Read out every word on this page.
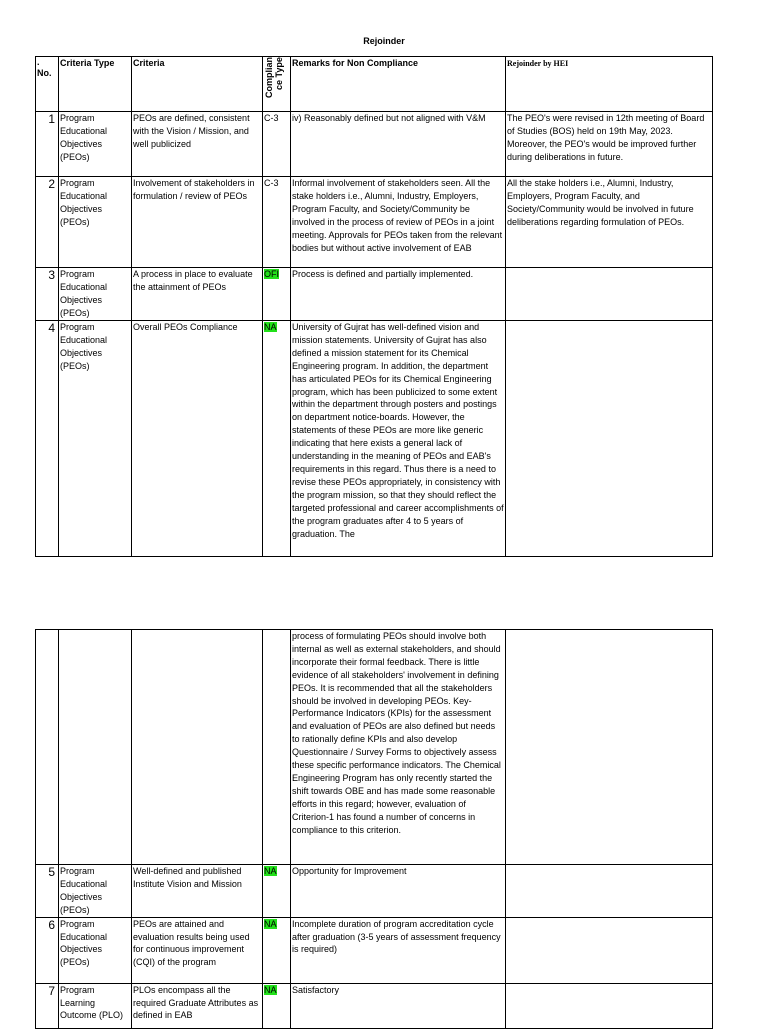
Rejoinder
.
No.	Criteria Type	Criteria	Complian ce Type	Remarks for Non Compliance	Rejoinder by HEI
1	Program Educational Objectives (PEOs)	PEOs are defined, consistent with the Vision / Mission, and well publicized	C-3	iv) Reasonably defined but not aligned with V&M	The PEO's were revised in 12th meeting of Board of Studies (BOS) held on 19th May, 2023. Moreover, the PEO's would be improved further during deliberations in future.
2	Program Educational Objectives (PEOs)	Involvement of stakeholders in formulation / review of PEOs	C-3	Informal involvement of stakeholders seen. All the stake holders i.e., Alumni, Industry, Employers, Program Faculty, and Society/Community be involved in the process of review of PEOs in a joint meeting. Approvals for PEOs taken from the relevant bodies but without active involvement of EAB	All the stake holders i.e., Alumni, Industry, Employers, Program Faculty, and Society/Community would be involved in future deliberations regarding formulation of PEOs.
3	Program Educational Objectives (PEOs)	A process in place to evaluate the attainment of PEOs	OFI	Process is defined and partially implemented.	
4	Program Educational Objectives (PEOs)	Overall PEOs Compliance	NA	University of Gujrat has well-defined vision and mission statements. University of Gujrat has also defined a mission statement for its Chemical Engineering program. In addition, the department has articulated PEOs for its Chemical Engineering program, which has been publicized to some extent within the department through posters and postings on department notice-boards. However, the statements of these PEOs are more like generic indicating that here exists a general lack of understanding in the meaning of PEOs and EAB's requirements in this regard. Thus there is a need to revise these PEOs appropriately, in consistency with the program mission, so that they should reflect the targeted professional and career accomplishments of the program graduates after 4 to 5 years of graduation. The	
				process of formulating PEOs should involve both internal as well as external stakeholders, and should incorporate their formal feedback. There is little evidence of all stakeholders' involvement in defining PEOs. It is recommended that all the stakeholders should be involved in developing PEOs. Key-Performance Indicators (KPIs) for the assessment and evaluation of PEOs are also defined but needs to rationally define KPIs and also develop Questionnaire / Survey Forms to objectively assess these specific performance indicators. The Chemical Engineering Program has only recently started the shift towards OBE and has made some reasonable efforts in this regard; however, evaluation of Criterion-1 has found a number of concerns in compliance to this criterion.	
5	Program Educational Objectives (PEOs)	Well-defined and published Institute Vision and Mission	NA	Opportunity for Improvement	
6	Program Educational Objectives (PEOs)	PEOs are attained and evaluation results being used for continuous improvement (CQI) of the program	NA	Incomplete duration of program accreditation cycle after graduation (3-5 years of assessment frequency is required)	
7	Program Learning Outcome (PLO)	PLOs encompass all the required Graduate Attributes as defined in EAB	NA	Satisfactory	
